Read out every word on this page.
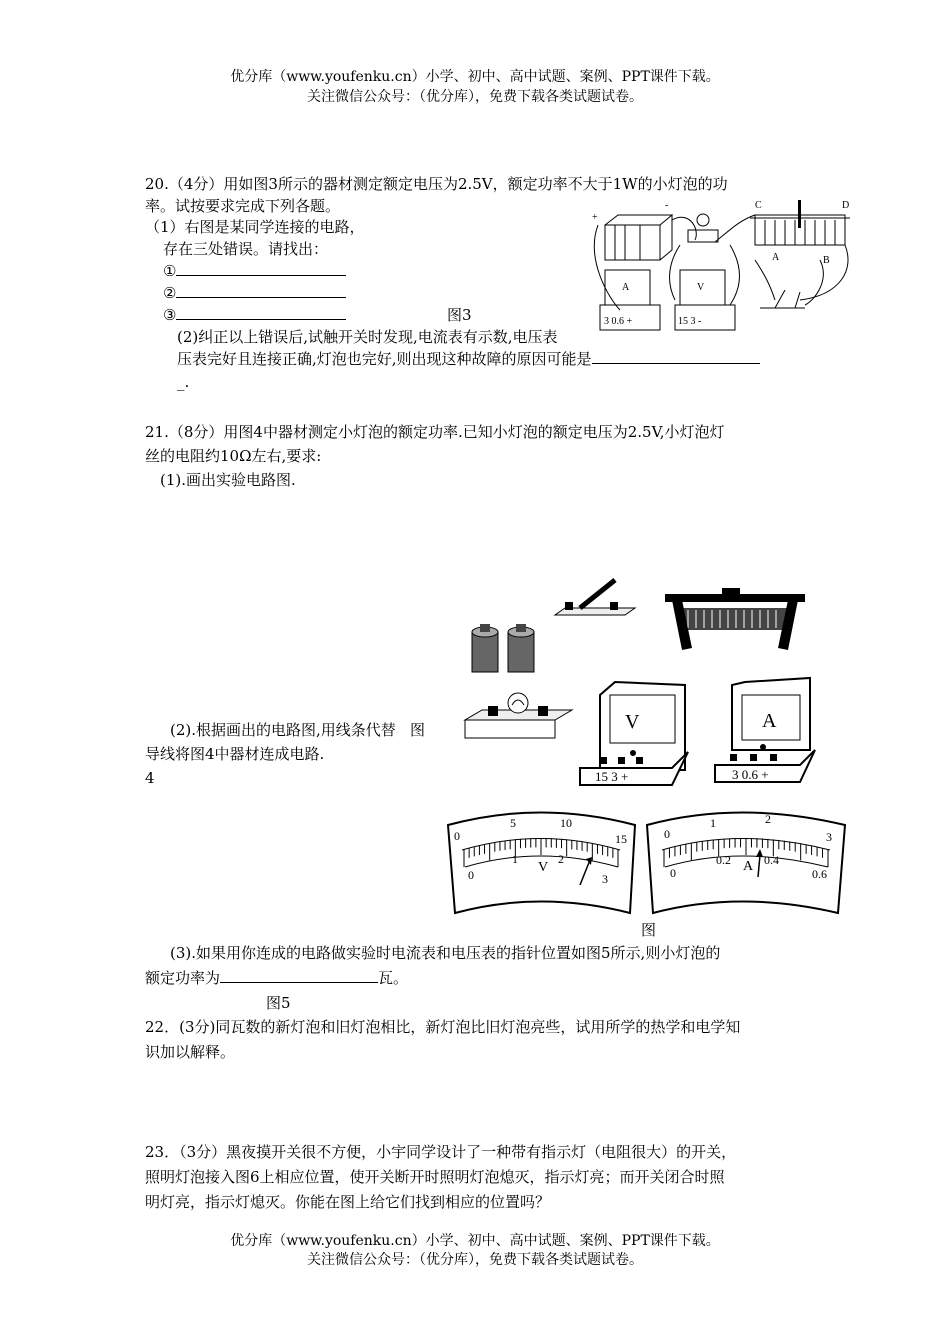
优分库（www.youfenku.cn）小学、初中、高中试题、案例、PPT课件下载。
关注微信公众号：（优分库），免费下载各类试题试卷。
20.（4分）用如图3所示的器材测定额定电压为2.5V，额定功率不大于1W的小灯泡的功
率。试按要求完成下列各题。
（1）右图是某同学连接的电路，
存在三处错误。请找出：
①
②
③	图3
(2)纠正以上错误后,试触开关时发现,电流表有示数,电压表
压表完好且连接正确,灯泡也完好,则出现这种故障的原因可能是
_.
+
-	C	D
A	B
A	V
3 0.6 +	15 3 -
21.（8分）用图4中器材测定小灯泡的额定功率.已知小灯泡的额定电压为2.5V,小灯泡灯
丝的电阻约10Ω左右,要求:
(1).画出实验电路图.
(2).根据画出的电路图,用线条代替 图
导线将图4中器材连成电路.
4
V
15 3 +
A
3 0.6 +
0
5	10
15
0
1	2
3
V
0
1	2
3
0
0.2	0.4
0.6
A
图
(3).如果用你连成的电路做实验时电流表和电压表的指针位置如图5所示,则小灯泡的
额定功率为	瓦。
图5
22．(3分)同瓦数的新灯泡和旧灯泡相比，新灯泡比旧灯泡亮些，试用所学的热学和电学知
识加以解释。
23．（3分）黑夜摸开关很不方便，小宇同学设计了一种带有指示灯（电阻很大）的开关，
照明灯泡接入图6上相应位置，使开关断开时照明灯泡熄灭，指示灯亮；而开关闭合时照
明灯亮，指示灯熄灭。你能在图上给它们找到相应的位置吗？
优分库（www.youfenku.cn）小学、初中、高中试题、案例、PPT课件下载。
关注微信公众号：（优分库），免费下载各类试题试卷。
